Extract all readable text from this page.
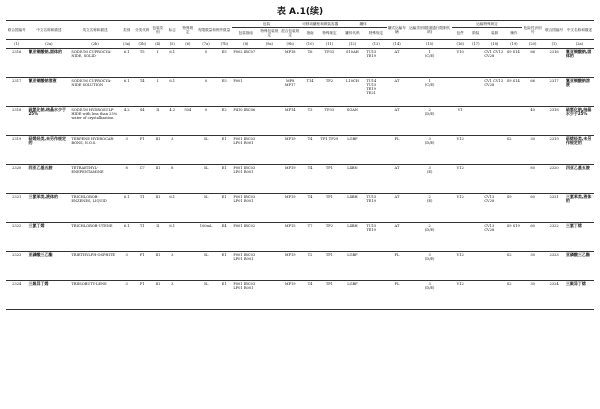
表 A.1(续)
联合国编号	中文名称和描述	英文名称和描述	类别	分类代码	包装类别	标志	特殊规定	有限数量和例外数量		包装			可移动罐柜和散装容器		罐体		罐式运输车辆	运输类别(隧道通行限制代码)	运输特殊规定				危险性识别号	联合国编号	中文名称和描述
										包装指南	特殊包装规定	混合包装规定	指南	特殊规定	罐体代码	特殊规定			包件	散装	装卸	操作			
(1)	(2a)	(2b)	(3a)	(3b)	(4)	(5)	(6)	(7a)	(7b)	(8)	(9a)	(9b)	(10)	(11)	(12)	(13)	(14)	(15)	(16)	(17)	(18)	(19)	(20)	(1)	(2a)
2316	氰亚铜酸钠,固体的	SODIUM CUPROCYA-NIDE, SOLID	6.1	T5	I	6.1		0	E5	P002 IBC07		MP18	T6	TP33	S10AH	TU15 TE19	AT	1
(C/E)	V10		CV1 CV13 CV28	S9 S14	66	2316	氰亚铜酸钠,固体的
2317	氰亚铜酸钠溶液	SODIUM CUPROCYA-NIDE SOLUTION	6.1	T4	I	6.1		0	E5	P001		MP8 MP17	T14	TP2	L10CH	TU14 TU15 TE19 TE21	AT	1
(C/E)			CV1 CV13 CV28	S9 S14	66	2317	氰亚铜酸钠溶液
2318	硫氢化钠,结晶水少于25%	SODIUM HYDROSULP-HIDE with less than 25% water of crystallization	4.2	S4	II	4.2	504	0	E2	P410 IBC06		MP14	T3	TP33	SGAN		AT	2
(D/E)	V1				40	2318	硫氢化钠,结晶水少于25%
2319	萜烯烃类,未另作规定的	TERPENE HYDROCAR-BONS, N.O.S.	3	F1	III	3		5L	E1	P001 IBC03 LP01 R001		MP19	T4	TP1 TP29	LGBF		FL	3
(D/E)	V12			S2	30	2319	萜烯烃类,未另作规定的
2320	四亚乙基五胺	TETRAETHYL-ENEPENTAMINE	8	C7	III	8		5L	E1	P001 IBC03 LP01 R001		MP19	T4	TP1	L4BN		AT	3
(E)	V12				80	2320	四亚乙基五胺
2321	三氯苯类,液体的	TRICHLOROB-ENZENES, LIQUID	6.1	T1	III	6.1		5L	E1	P001 IBC03 LP01 R001		MP19	T4	TP1	L4BH	TU15 TE19	AT	2
(E)	V12		CV13 CV28	S9	60	2321	三氯苯类,液体的
2322	三氯丁烯	TRICHLOROB-UTENE	6.1	T1	II	6.1		100mL	E4	P001 IBC02		MP15	T7	TP2	L4BH	TU15 TE19	AT	2
(D/E)			CV13 CV28	S9 S19	60	2322	三氯丁烯
2323	亚磷酸三乙酯	TRIETHYLPH-OSPHITE	3	F1	III	3		5L	E1	P001 IBC03 LP01 R001		MP19	T2	TP1	LGBF		FL	3
(D/E)	V12			S2	30	2323	亚磷酸三乙酯
2324	三聚异丁烯	TRIISOBUTY-LENE	3	F1	III	3		5L	E1	P001 IBC03 LP01 R001		MP19	T4	TP1	LGBF		FL	3
(D/E)	V12			S2	30	2324	三聚异丁烯
